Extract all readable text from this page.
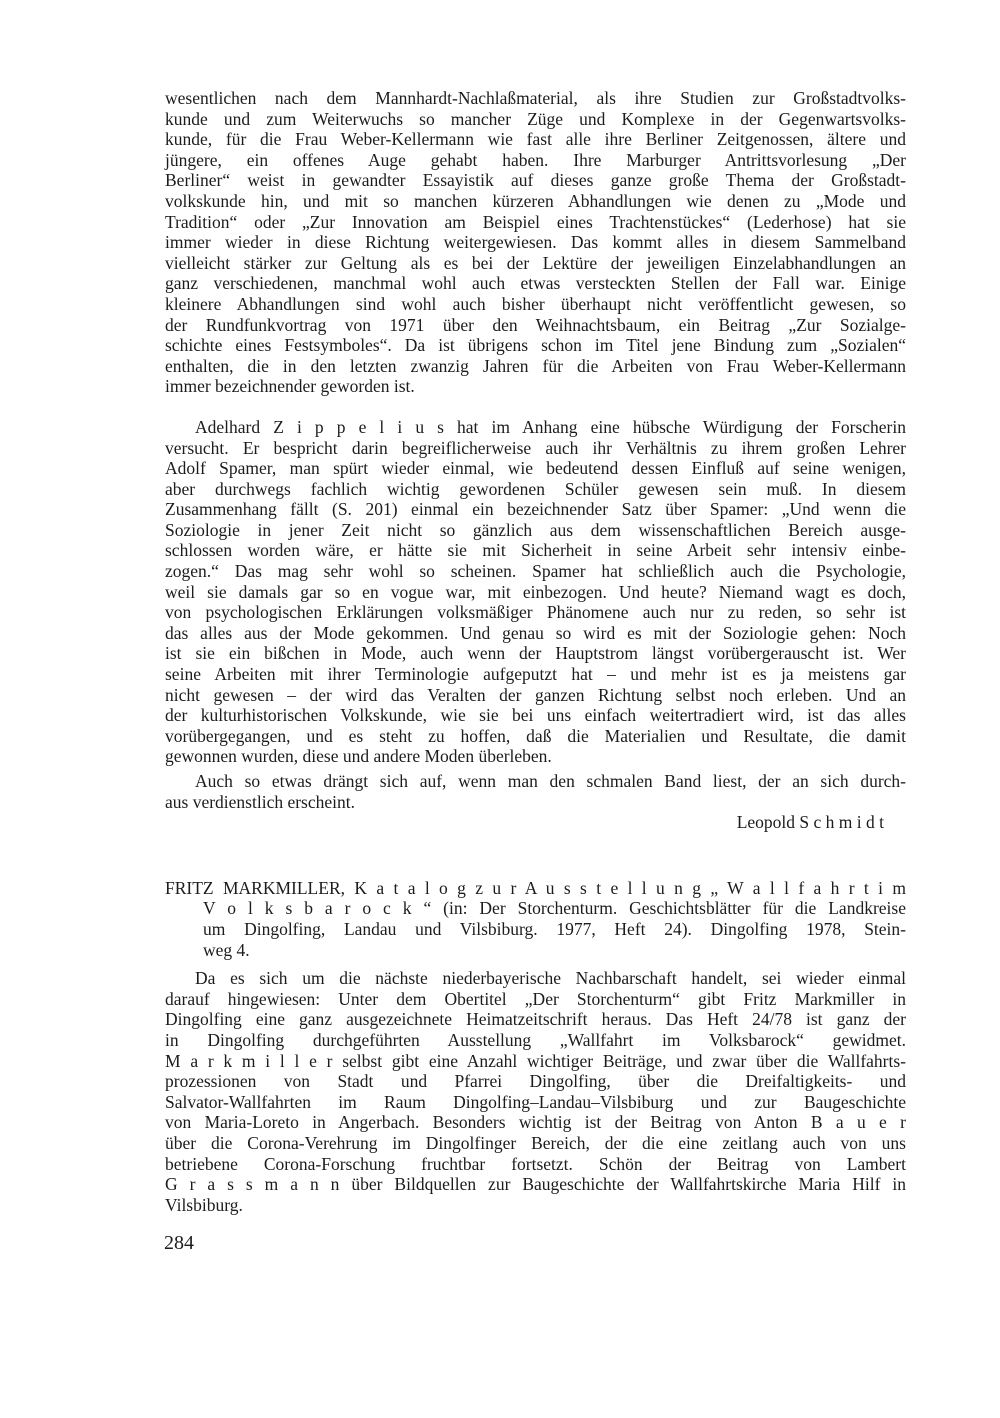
wesentlichen nach dem Mannhardt-Nachlaßmaterial, als ihre Studien zur Großstadtvolks-
kunde und zum Weiterwuchs so mancher Züge und Komplexe in der Gegenwartsvolks-
kunde, für die Frau Weber-Kellermann wie fast alle ihre Berliner Zeitgenossen, ältere und
jüngere, ein offenes Auge gehabt haben. Ihre Marburger Antrittsvorlesung „Der
Berliner“ weist in gewandter Essayistik auf dieses ganze große Thema der Großstadt-
volkskunde hin, und mit so manchen kürzeren Abhandlungen wie denen zu „Mode und
Tradition“ oder „Zur Innovation am Beispiel eines Trachtenstückes“ (Lederhose) hat sie
immer wieder in diese Richtung weitergewiesen. Das kommt alles in diesem Sammelband
vielleicht stärker zur Geltung als es bei der Lektüre der jeweiligen Einzelabhandlungen an
ganz verschiedenen, manchmal wohl auch etwas versteckten Stellen der Fall war. Einige
kleinere Abhandlungen sind wohl auch bisher überhaupt nicht veröffentlicht gewesen, so
der Rundfunkvortrag von 1971 über den Weihnachtsbaum, ein Beitrag „Zur Sozialge-
schichte eines Festsymboles“. Da ist übrigens schon im Titel jene Bindung zum „Sozialen“
enthalten, die in den letzten zwanzig Jahren für die Arbeiten von Frau Weber-Kellermann
immer bezeichnender geworden ist.
Adelhard Z i p p e l i u s hat im Anhang eine hübsche Würdigung der Forscherin
versucht. Er bespricht darin begreiflicherweise auch ihr Verhältnis zu ihrem großen Lehrer
Adolf Spamer, man spürt wieder einmal, wie bedeutend dessen Einfluß auf seine wenigen,
aber durchwegs fachlich wichtig gewordenen Schüler gewesen sein muß. In diesem
Zusammenhang fällt (S. 201) einmal ein bezeichnender Satz über Spamer: „Und wenn die
Soziologie in jener Zeit nicht so gänzlich aus dem wissenschaftlichen Bereich ausge-
schlossen worden wäre, er hätte sie mit Sicherheit in seine Arbeit sehr intensiv einbe-
zogen.“ Das mag sehr wohl so scheinen. Spamer hat schließlich auch die Psychologie,
weil sie damals gar so en vogue war, mit einbezogen. Und heute? Niemand wagt es doch,
von psychologischen Erklärungen volksmäßiger Phänomene auch nur zu reden, so sehr ist
das alles aus der Mode gekommen. Und genau so wird es mit der Soziologie gehen: Noch
ist sie ein bißchen in Mode, auch wenn der Hauptstrom längst vorübergerauscht ist. Wer
seine Arbeiten mit ihrer Terminologie aufgeputzt hat – und mehr ist es ja meistens gar
nicht gewesen – der wird das Veralten der ganzen Richtung selbst noch erleben. Und an
der kulturhistorischen Volkskunde, wie sie bei uns einfach weitertradiert wird, ist das alles
vorübergegangen, und es steht zu hoffen, daß die Materialien und Resultate, die damit
gewonnen wurden, diese und andere Moden überleben.
Auch so etwas drängt sich auf, wenn man den schmalen Band liest, der an sich durch-
aus verdienstlich erscheint.
Leopold S c h m i d t
FRITZ MARKMILLER, K a t a l o g z u r A u s s t e l l u n g „ W a l l f a h r t i m
V o l k s b a r o c k “ (in: Der Storchenturm. Geschichtsblätter für die Landkreise
um Dingolfing, Landau und Vilsbiburg. 1977, Heft 24). Dingolfing 1978, Stein-
weg 4.
Da es sich um die nächste niederbayerische Nachbarschaft handelt, sei wieder einmal
darauf hingewiesen: Unter dem Obertitel „Der Storchenturm“ gibt Fritz Markmiller in
Dingolfing eine ganz ausgezeichnete Heimatzeitschrift heraus. Das Heft 24/78 ist ganz der
in Dingolfing durchgeführten Ausstellung „Wallfahrt im Volksbarock“ gewidmet.
M a r k m i l l e r selbst gibt eine Anzahl wichtiger Beiträge, und zwar über die Wallfahrts-
prozessionen von Stadt und Pfarrei Dingolfing, über die Dreifaltigkeits- und
Salvator-Wallfahrten im Raum Dingolfing–Landau–Vilsbiburg und zur Baugeschichte
von Maria-Loreto in Angerbach. Besonders wichtig ist der Beitrag von Anton B a u e r
über die Corona-Verehrung im Dingolfinger Bereich, der die eine zeitlang auch von uns
betriebene Corona-Forschung fruchtbar fortsetzt. Schön der Beitrag von Lambert
G r a s s m a n n über Bildquellen zur Baugeschichte der Wallfahrtskirche Maria Hilf in
Vilsbiburg.
284
